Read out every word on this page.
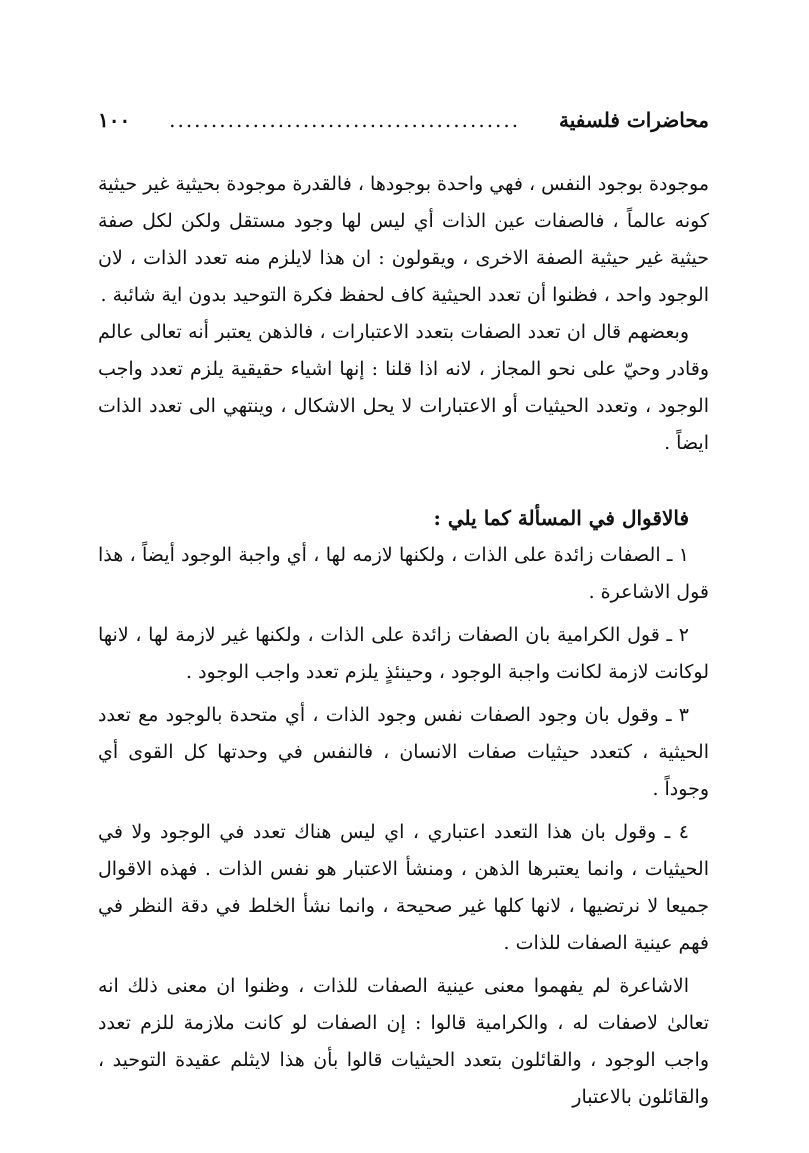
محاضرات فلسفية
..........................................
١٠٠

موجودة بوجود النفس ، فهي واحدة بوجودها ، فالقدرة موجودة بحيثية غير حيثية كونه عالماً ، فالصفات عين الذات أي ليس لها وجود مستقل ولكن لكل صفة حيثية غير حيثية الصفة الاخرى ، ويقولون : ان هذا لايلزم منه تعدد الذات ، لان الوجود واحد ، فظنوا أن تعدد الحيثية كاف لحفظ فكرة التوحيد بدون اية شائبة .

وبعضهم قال ان تعدد الصفات بتعدد الاعتبارات ، فالذهن يعتبر أنه تعالى عالم وقادر وحيّ على نحو المجاز ، لانه اذا قلنا : إنها اشياء حقيقية يلزم تعدد واجب الوجود ، وتعدد الحيثيات أو الاعتبارات لا يحل الاشكال ، وينتهي الى تعدد الذات ايضاً .

فالاقوال في المسألة كما يلي :

١ ـ الصفات زائدة على الذات ، ولكنها لازمه لها ، أي واجبة الوجود أيضاً ، هذا قول الاشاعرة .

٢ ـ قول الكرامية بان الصفات زائدة على الذات ، ولكنها غير لازمة لها ، لانها لوكانت لازمة لكانت واجبة الوجود ، وحينئذٍ يلزم تعدد واجب الوجود .

٣ ـ وقول بان وجود الصفات نفس وجود الذات ، أي متحدة بالوجود مع تعدد الحيثية ، كتعدد حيثيات صفات الانسان ، فالنفس في وحدتها كل القوى أي وجوداً .

٤ ـ وقول بان هذا التعدد اعتباري ، اي ليس هناك تعدد في الوجود ولا في الحيثيات ، وانما يعتبرها الذهن ، ومنشأ الاعتبار هو نفس الذات . فهذه الاقوال جميعا لا نرتضيها ، لانها كلها غير صحيحة ، وانما نشأ الخلط في دقة النظر في فهم عينية الصفات للذات .

الاشاعرة لم يفهموا معنى عينية الصفات للذات ، وظنوا ان معنى ذلك انه تعالىٰ لاصفات له ، والكرامية قالوا : إن الصفات لو كانت ملازمة للزم تعدد واجب الوجود ، والقائلون بتعدد الحيثيات قالوا بأن هذا لايثلم عقيدة التوحيد ، والقائلون بالاعتبار
